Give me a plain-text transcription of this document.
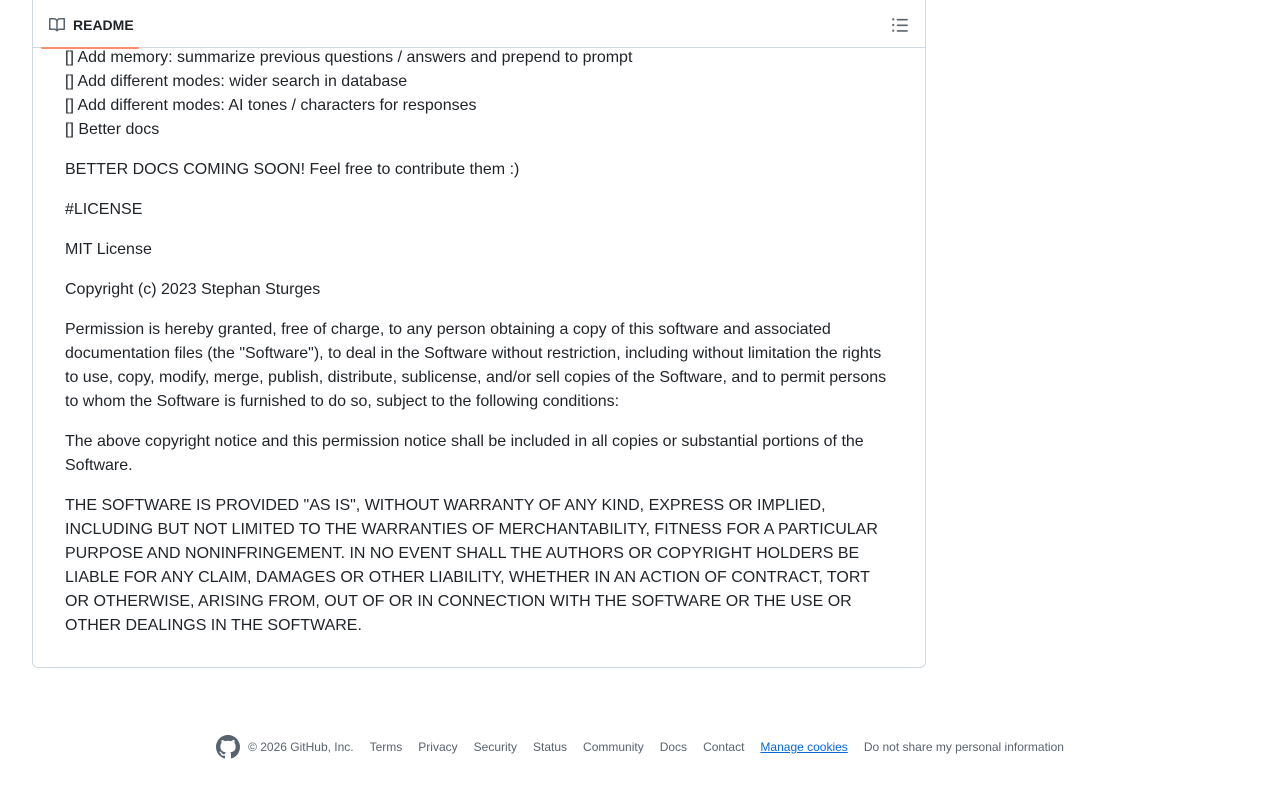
README

[] Add memory: summarize previous questions / answers and prepend to prompt

[] Add different modes: wider search in database

[] Add different modes: AI tones / characters for responses

[] Better docs

BETTER DOCS COMING SOON! Feel free to contribute them :)

#LICENSE

MIT License

Copyright (c) 2023 Stephan Sturges

Permission is hereby granted, free of charge, to any person obtaining a copy of this software and associated documentation files (the "Software"), to deal in the Software without restriction, including without limitation the rights to use, copy, modify, merge, publish, distribute, sublicense, and/or sell copies of the Software, and to permit persons to whom the Software is furnished to do so, subject to the following conditions:

The above copyright notice and this permission notice shall be included in all copies or substantial portions of the Software.

THE SOFTWARE IS PROVIDED "AS IS", WITHOUT WARRANTY OF ANY KIND, EXPRESS OR IMPLIED, INCLUDING BUT NOT LIMITED TO THE WARRANTIES OF MERCHANTABILITY, FITNESS FOR A PARTICULAR PURPOSE AND NONINFRINGEMENT. IN NO EVENT SHALL THE AUTHORS OR COPYRIGHT HOLDERS BE LIABLE FOR ANY CLAIM, DAMAGES OR OTHER LIABILITY, WHETHER IN AN ACTION OF CONTRACT, TORT OR OTHERWISE, ARISING FROM, OUT OF OR IN CONNECTION WITH THE SOFTWARE OR THE USE OR OTHER DEALINGS IN THE SOFTWARE.

© 2026 GitHub, Inc. Terms Privacy Security Status Community Docs Contact Manage cookies Do not share my personal information
